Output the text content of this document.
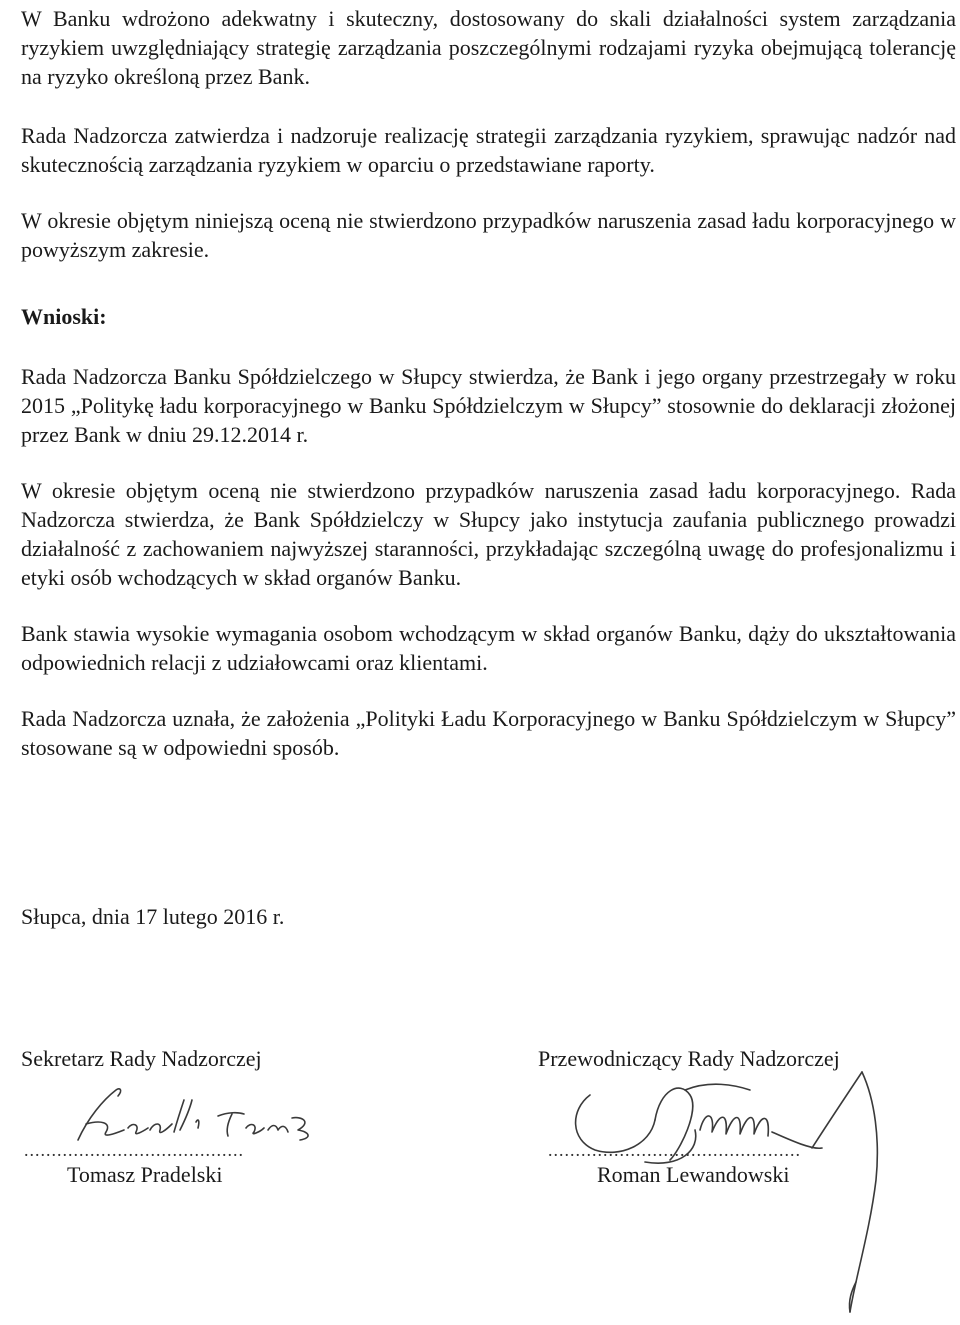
W Banku wdrożono adekwatny i skuteczny, dostosowany do skali działalności system zarządzania ryzykiem uwzględniający strategię zarządzania poszczególnymi rodzajami ryzyka obejmującą tolerancję na ryzyko określoną przez Bank.

Rada Nadzorcza zatwierdza i nadzoruje realizację strategii zarządzania ryzykiem, sprawując nadzór nad skutecznością zarządzania ryzykiem w oparciu o przedstawiane raporty.

W okresie objętym niniejszą oceną nie stwierdzono przypadków naruszenia zasad ładu korporacyjnego w powyższym zakresie.

Wnioski:

Rada Nadzorcza Banku Spółdzielczego w Słupcy stwierdza, że Bank i jego organy przestrzegały w roku 2015 „Politykę ładu korporacyjnego w Banku Spółdzielczym w Słupcy” stosownie do deklaracji złożonej przez Bank w dniu 29.12.2014 r.

W okresie objętym oceną nie stwierdzono przypadków naruszenia zasad ładu korporacyjnego. Rada Nadzorcza stwierdza, że Bank Spółdzielczy w Słupcy jako instytucja zaufania publicznego prowadzi działalność z zachowaniem najwyższej staranności, przykładając szczególną uwagę do profesjonalizmu i etyki osób wchodzących w skład organów Banku.

Bank stawia wysokie wymagania osobom wchodzącym w skład organów Banku, dąży do ukształtowania odpowiednich relacji z udziałowcami oraz klientami.

Rada Nadzorcza uznała, że założenia „Polityki Ładu Korporacyjnego w Banku Spółdzielczym w Słupcy” stosowane są w odpowiedni sposób.

Słupca, dnia 17 lutego 2016 r.

Sekretarz Rady Nadzorczej

........................................

Tomasz Pradelski

Przewodniczący Rady Nadzorczej

..............................................

Roman Lewandowski
